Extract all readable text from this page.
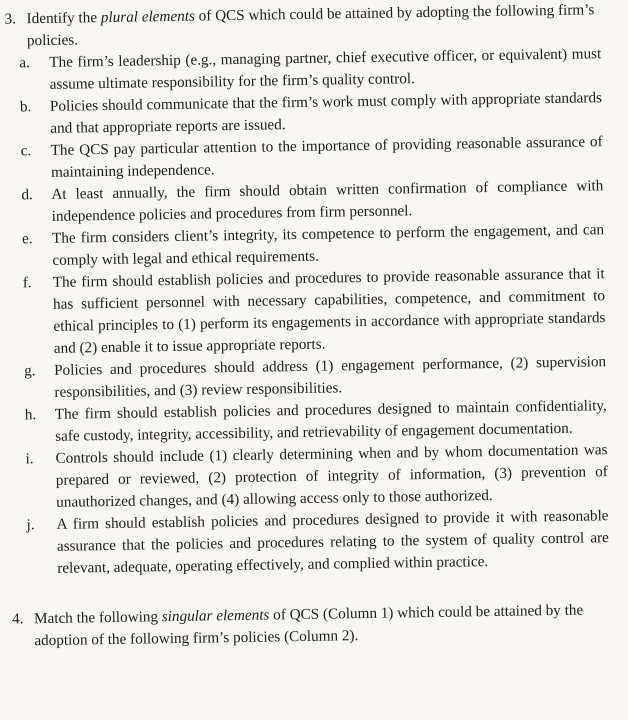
3. Identify the plural elements of QCS which could be attained by adopting the following firm’s policies.
a.	The firm’s leadership (e.g., managing partner, chief executive officer, or equivalent) must assume ultimate responsibility for the firm’s quality control.
b.	Policies should communicate that the firm’s work must comply with appropriate standards and that appropriate reports are issued.
c.	The QCS pay particular attention to the importance of providing reasonable assurance of maintaining independence.
d.	At least annually, the firm should obtain written confirmation of compliance with independence policies and procedures from firm personnel.
e.	The firm considers client’s integrity, its competence to perform the engagement, and can comply with legal and ethical requirements.
f.	The firm should establish policies and procedures to provide reasonable assurance that it has sufficient personnel with necessary capabilities, competence, and commitment to ethical principles to (1) perform its engagements in accordance with appropriate standards and (2) enable it to issue appropriate reports.
g.	Policies and procedures should address (1) engagement performance, (2) supervision responsibilities, and (3) review responsibilities.
h.	The firm should establish policies and procedures designed to maintain confidentiality, safe custody, integrity, accessibility, and retrievability of engagement documentation.
i.	Controls should include (1) clearly determining when and by whom documentation was prepared or reviewed, (2) protection of integrity of information, (3) prevention of unauthorized changes, and (4) allowing access only to those authorized.
j.	A firm should establish policies and procedures designed to provide it with reasonable assurance that the policies and procedures relating to the system of quality control are relevant, adequate, operating effectively, and complied within practice.
4. Match the following singular elements of QCS (Column 1) which could be attained by the adoption of the following firm’s policies (Column 2).
